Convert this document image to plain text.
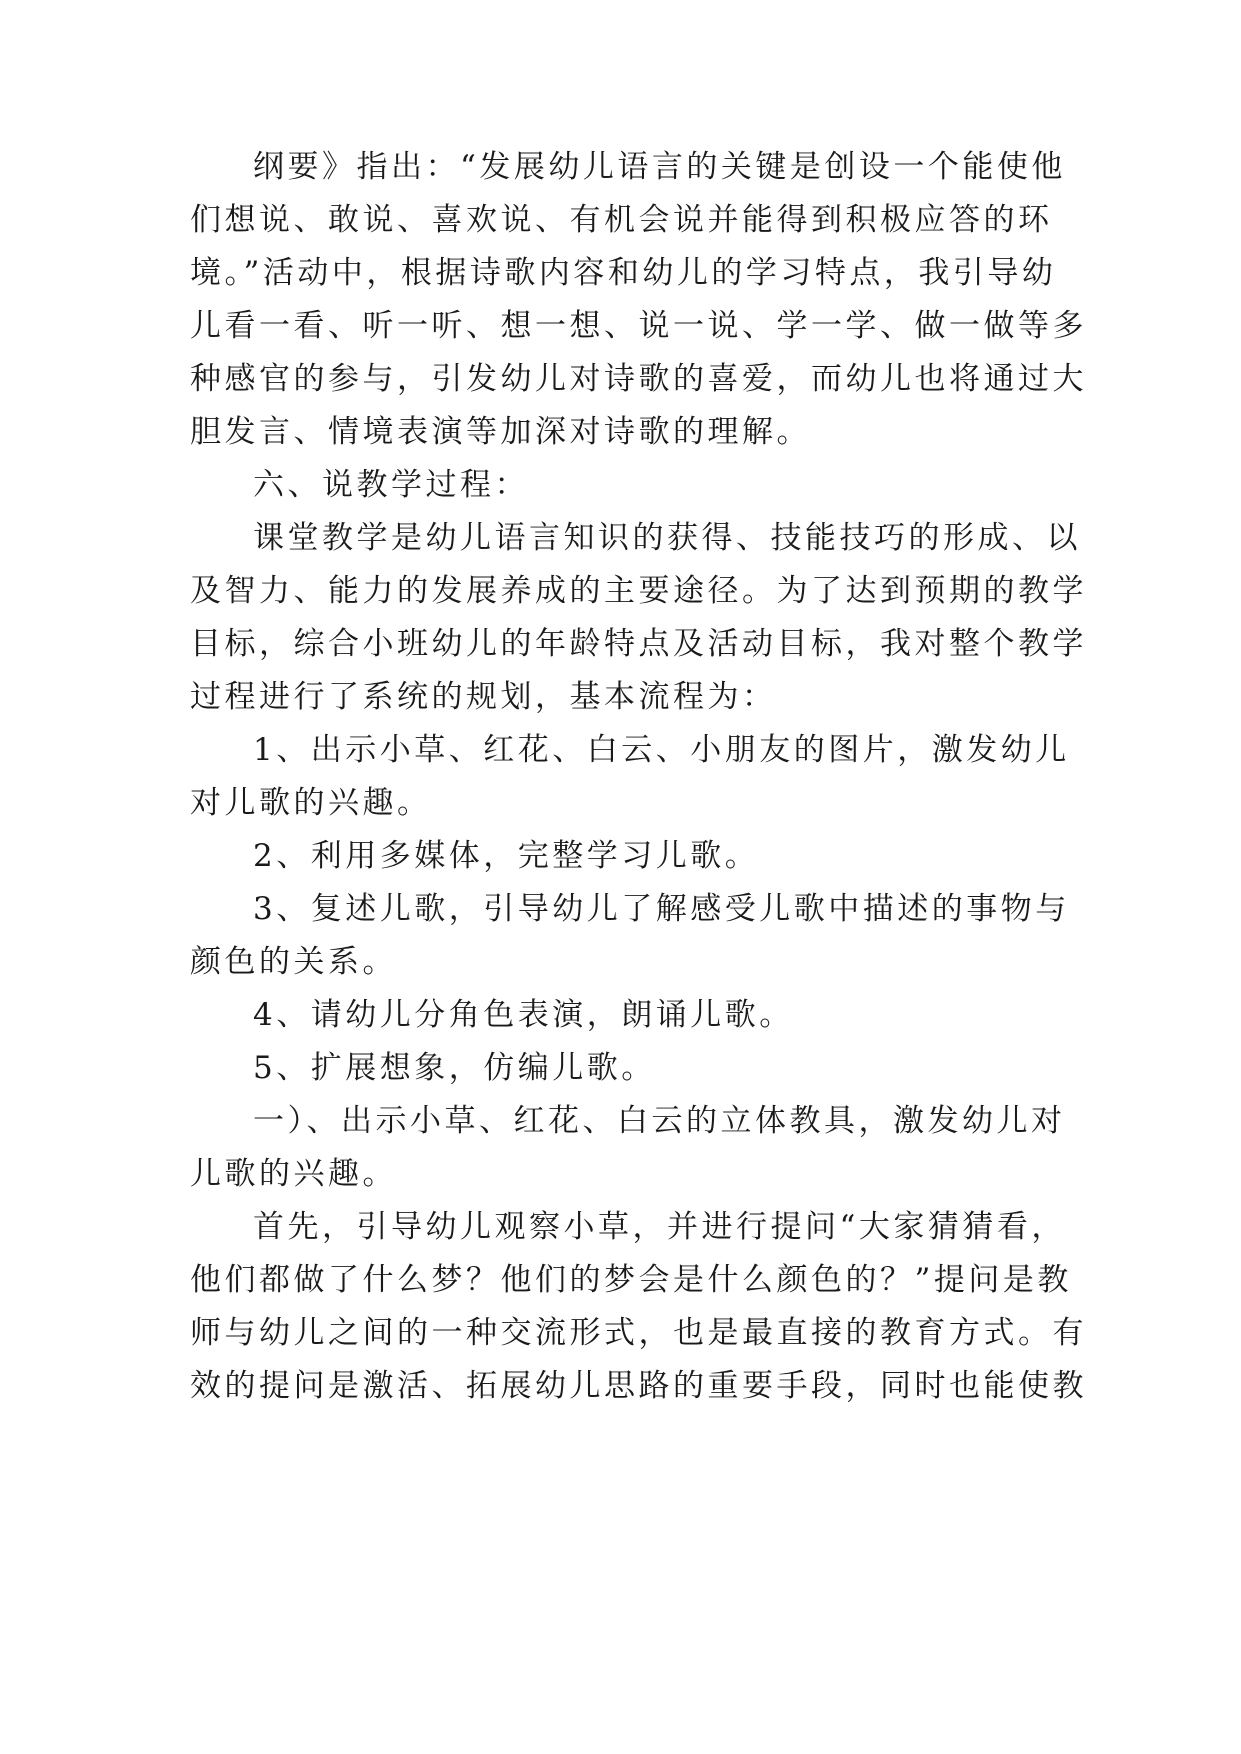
纲要》指出：“发展幼儿语言的关键是创设一个能使他
们想说、敢说、喜欢说、有机会说并能得到积极应答的环
境。”活动中，根据诗歌内容和幼儿的学习特点，我引导幼
儿看一看、听一听、想一想、说一说、学一学、做一做等多
种感官的参与，引发幼儿对诗歌的喜爱，而幼儿也将通过大
胆发言、情境表演等加深对诗歌的理解。
六、说教学过程：
课堂教学是幼儿语言知识的获得、技能技巧的形成、以
及智力、能力的发展养成的主要途径。为了达到预期的教学
目标，综合小班幼儿的年龄特点及活动目标，我对整个教学
过程进行了系统的规划，基本流程为：
1、出示小草、红花、白云、小朋友的图片，激发幼儿
对儿歌的兴趣。
2、利用多媒体，完整学习儿歌。
3、复述儿歌，引导幼儿了解感受儿歌中描述的事物与
颜色的关系。
4、请幼儿分角色表演，朗诵儿歌。
5、扩展想象，仿编儿歌。
一）、出示小草、红花、白云的立体教具，激发幼儿对
儿歌的兴趣。
首先，引导幼儿观察小草，并进行提问“大家猜猜看，
他们都做了什么梦？他们的梦会是什么颜色的？”提问是教
师与幼儿之间的一种交流形式，也是最直接的教育方式。有
效的提问是激活、拓展幼儿思路的重要手段，同时也能使教
